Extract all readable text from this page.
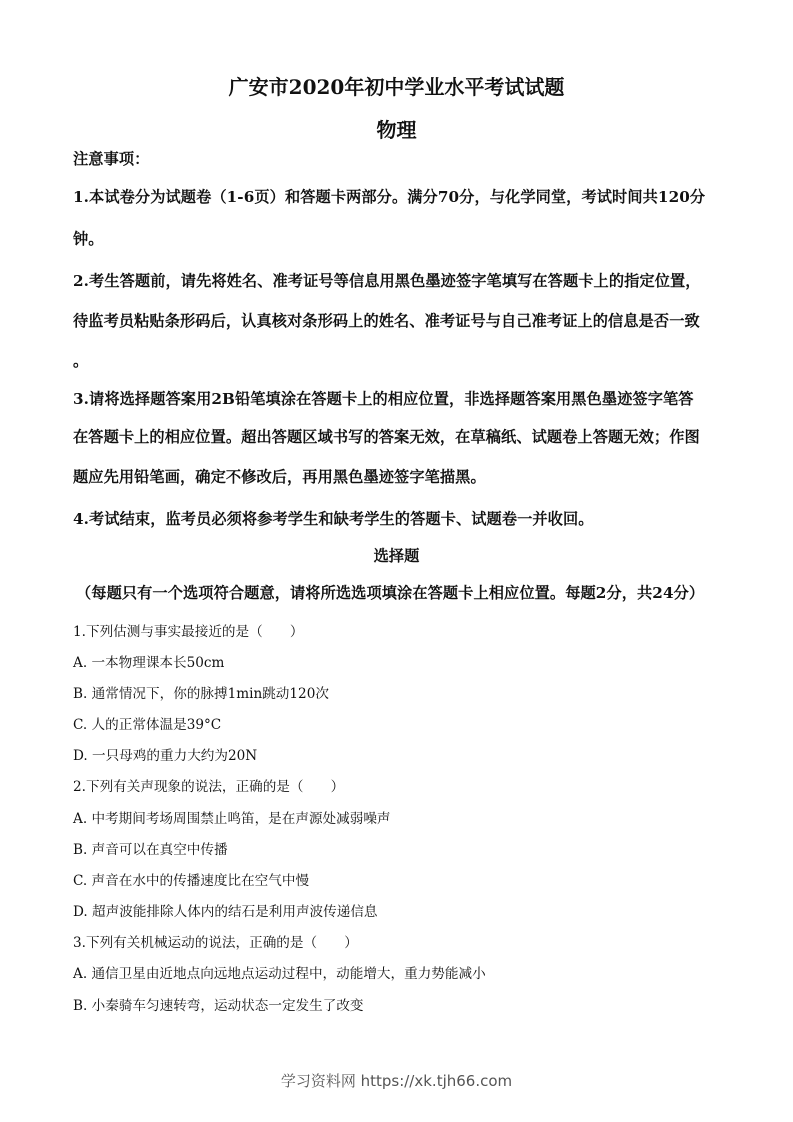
广安市2020年初中学业水平考试试题
物理
注意事项：
1.本试卷分为试题卷（1-6页）和答题卡两部分。满分70分，与化学同堂，考试时间共120分
钟。
2.考生答题前，请先将姓名、准考证号等信息用黑色墨迹签字笔填写在答题卡上的指定位置，
待监考员粘贴条形码后，认真核对条形码上的姓名、准考证号与自己准考证上的信息是否一致
。
3.请将选择题答案用2B铅笔填涂在答题卡上的相应位置，非选择题答案用黑色墨迹签字笔答
在答题卡上的相应位置。超出答题区域书写的答案无效，在草稿纸、试题卷上答题无效；作图
题应先用铅笔画，确定不修改后，再用黑色墨迹签字笔描黑。
4.考试结束，监考员必须将参考学生和缺考学生的答题卡、试题卷一并收回。
选择题
（每题只有一个选项符合题意，请将所选选项填涂在答题卡上相应位置。每题2分，共24分）
1.下列估测与事实最接近的是（　　）
A. 一本物理课本长50cm
B. 通常情况下，你的脉搏1min跳动120次
C. 人的正常体温是39°C
D. 一只母鸡的重力大约为20N
2.下列有关声现象的说法，正确的是（　　）
A. 中考期间考场周围禁止鸣笛，是在声源处减弱噪声
B. 声音可以在真空中传播
C. 声音在水中的传播速度比在空气中慢
D. 超声波能排除人体内的结石是利用声波传递信息
3.下列有关机械运动的说法，正确的是（　　）
A. 通信卫星由近地点向远地点运动过程中，动能增大，重力势能减小
B. 小秦骑车匀速转弯，运动状态一定发生了改变
学习资料网 https://xk.tjh66.com
